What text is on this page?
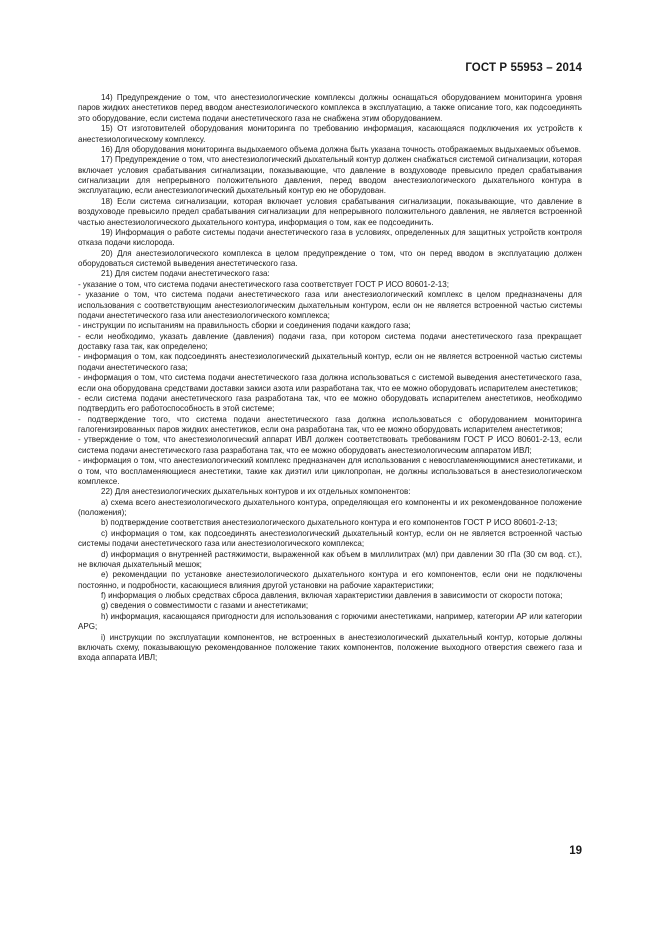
ГОСТ Р 55953 – 2014

14) Предупреждение о том, что анестезиологические комплексы должны оснащаться оборудованием мониторинга уровня паров жидких анестетиков перед вводом анестезиологического комплекса в эксплуатацию, а также описание того, как подсоединять это оборудование, если система подачи анестетического газа не снабжена этим оборудованием.

15) От изготовителей оборудования мониторинга по требованию информация, касающаяся подключения их устройств к анестезиологическому комплексу.

16) Для оборудования мониторинга выдыхаемого объема должна быть указана точность отображаемых выдыхаемых объемов.

17) Предупреждение о том, что анестезиологический дыхательный контур должен снабжаться системой сигнализации, которая включает условия срабатывания сигнализации, показывающие, что давление в воздуховоде превысило предел срабатывания сигнализации для непрерывного положительного давления, перед вводом анестезиологического дыхательного контура в эксплуатацию, если анестезиологический дыхательный контур ею не оборудован.

18) Если система сигнализации, которая включает условия срабатывания сигнализации, показывающие, что давление в воздуховоде превысило предел срабатывания сигнализации для непрерывного положительного давления, не является встроенной частью анестезиологического дыхательного контура, информация о том, как ее подсоединить.

19) Информация о работе системы подачи анестетического газа в условиях, определенных для защитных устройств контроля отказа подачи кислорода.

20) Для анестезиологического комплекса в целом предупреждение о том, что он перед вводом в эксплуатацию должен оборудоваться системой выведения анестетического газа.

21) Для систем подачи анестетического газа:

- указание о том, что система подачи анестетического газа соответствует ГОСТ Р ИСО 80601-2-13;

- указание о том, что система подачи анестетического газа или анестезиологический комплекс в целом предназначены для использования с соответствующим анестезиологическим дыхательным контуром, если он не является встроенной частью системы подачи анестетического газа или анестезиологического комплекса;

- инструкции по испытаниям на правильность сборки и соединения подачи каждого газа;

- если необходимо, указать давление (давления) подачи газа, при котором система подачи анестетического газа прекращает доставку газа так, как определено;

- информация о том, как подсоединять анестезиологический дыхательный контур, если он не является встроенной частью системы подачи анестетического газа;

- информация о том, что система подачи анестетического газа должна использоваться с системой выведения анестетического газа, если она оборудована средствами доставки закиси азота или разработана так, что ее можно оборудовать испарителем анестетиков;

- если система подачи анестетического газа разработана так, что ее можно оборудовать испарителем анестетиков, необходимо подтвердить его работоспособность в этой системе;

- подтверждение того, что система подачи анестетического газа должна использоваться с оборудованием мониторинга галогенизированных паров жидких анестетиков, если она разработана так, что ее можно оборудовать испарителем анестетиков;

- утверждение о том, что анестезиологический аппарат ИВЛ должен соответствовать требованиям ГОСТ Р ИСО 80601-2-13, если система подачи анестетического газа разработана так, что ее можно оборудовать анестезиологическим аппаратом ИВЛ;

- информация о том, что анестезиологический комплекс предназначен для использования с невоспламеняющимися анестетиками, и о том, что воспламеняющиеся анестетики, такие как диэтил или циклопропан, не должны использоваться в анестезиологическом комплексе.

22) Для анестезиологических дыхательных контуров и их отдельных компонентов:

a) схема всего анестезиологического дыхательного контура, определяющая его компоненты и их рекомендованное положение (положения);

b) подтверждение соответствия анестезиологического дыхательного контура и его компонентов ГОСТ Р ИСО 80601-2-13;

c) информация о том, как подсоединять анестезиологический дыхательный контур, если он не является встроенной частью системы подачи анестетического газа или анестезиологического комплекса;

d) информация о внутренней растяжимости, выраженной как объем в миллилитрах (мл) при давлении 30 гПа (30 см вод. ст.), не включая дыхательный мешок;

e) рекомендации по установке анестезиологического дыхательного контура и его компонентов, если они не подключены постоянно, и подробности, касающиеся влияния другой установки на рабочие характеристики;

f) информация о любых средствах сброса давления, включая характеристики давления в зависимости от скорости потока;

g) сведения о совместимости с газами и анестетиками;

h) информация, касающаяся пригодности для использования с горючими анестетиками, например, категории AP или категории APG;

i) инструкции по эксплуатации компонентов, не встроенных в анестезиологический дыхательный контур, которые должны включать схему, показывающую рекомендованное положение таких компонентов, положение выходного отверстия свежего газа и входа аппарата ИВЛ;

19
